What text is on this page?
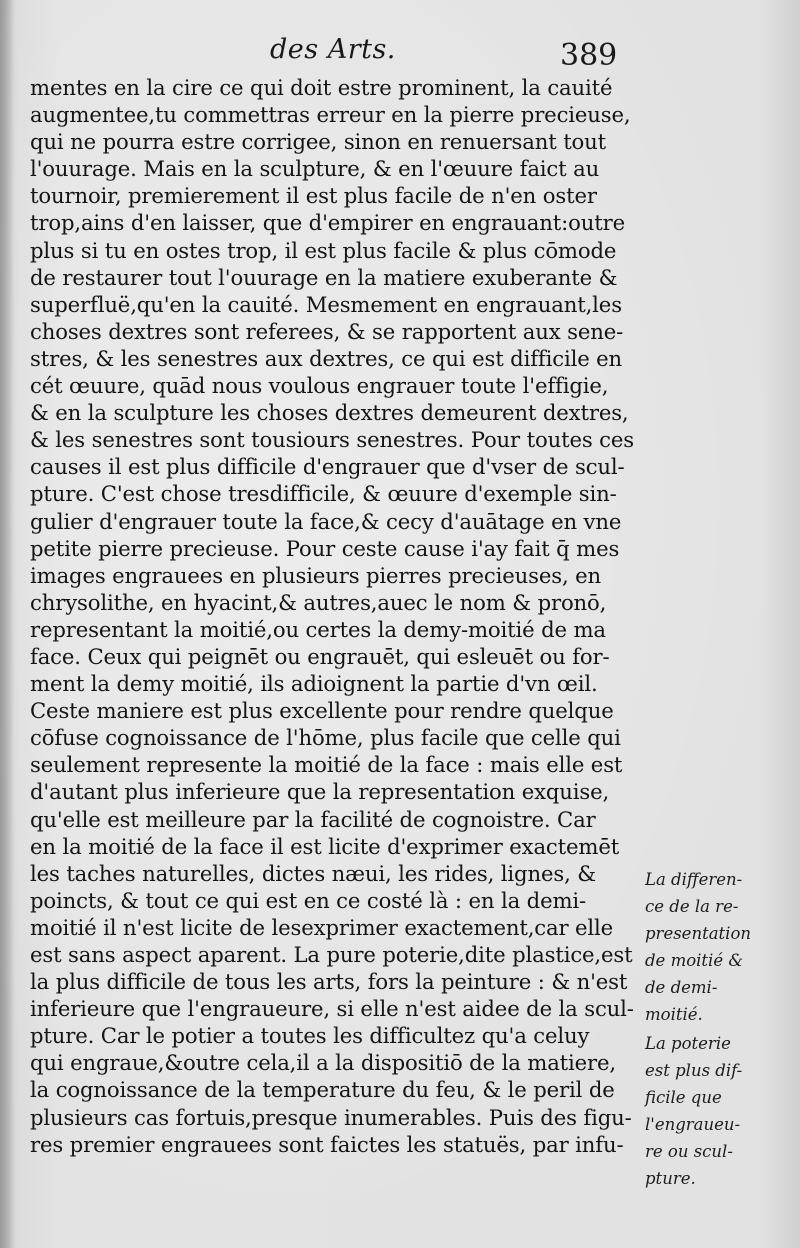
des Arts.	389
mentes en la cire ce qui doit estre prominent, la cauité
augmentee,tu commettras erreur en la pierre precieuse,
qui ne pourra estre corrigee, sinon en renuersant tout
l'ouurage. Mais en la sculpture, & en l'œuure faict au
tournoir, premierement il est plus facile de n'en oster
trop,ains d'en laisser, que d'empirer en engrauant:outre
plus si tu en ostes trop, il est plus facile & plus cōmode
de restaurer tout l'ouurage en la matiere exuberante &
superfluë,qu'en la cauité. Mesmement en engrauant,les
choses dextres sont referees, & se rapportent aux sene-
stres, & les senestres aux dextres, ce qui est difficile en
cét œuure, quād nous voulous engrauer toute l'effigie,
& en la sculpture les choses dextres demeurent dextres,
& les senestres sont tousiours senestres. Pour toutes ces
causes il est plus difficile d'engrauer que d'vser de scul-
pture. C'est chose tresdifficile, & œuure d'exemple sin-
gulier d'engrauer toute la face,& cecy d'auātage en vne
petite pierre precieuse. Pour ceste cause i'ay fait q̄ mes
images engrauees en plusieurs pierres precieuses, en
chrysolithe, en hyacint,& autres,auec le nom & pronō,
representant la moitié,ou certes la demy-moitié de ma
face. Ceux qui peignēt ou engrauēt, qui esleuēt ou for-
ment la demy moitié, ils adioignent la partie d'vn œil.
Ceste maniere est plus excellente pour rendre quelque
cōfuse cognoissance de l'hōme, plus facile que celle qui
seulement represente la moitié de la face : mais elle est
d'autant plus inferieure que la representation exquise,
qu'elle est meilleure par la facilité de cognoistre. Car
en la moitié de la face il est licite d'exprimer exactemēt
les taches naturelles, dictes næui, les rides, lignes, &
poincts, & tout ce qui est en ce costé là : en la demi-
moitié il n'est licite de lesexprimer exactement,car elle
est sans aspect aparent. La pure poterie,dite plastice,est
la plus difficile de tous les arts, fors la peinture : & n'est
inferieure que l'engraueure, si elle n'est aidee de la scul-
pture. Car le potier a toutes les difficultez qu'a celuy
qui engraue,&outre cela,il a la dispositiō de la matiere,
la cognoissance de la temperature du feu, & le peril de
plusieurs cas fortuis,presque inumerables. Puis des figu-
res premier engrauees sont faictes les statuës, par infu-
La differen-
ce de la re-
presentation
de moitié &
de demi-
moitié.
La poterie
est plus dif-
ficile que
l'engraueu-
re ou scul-
pture.
